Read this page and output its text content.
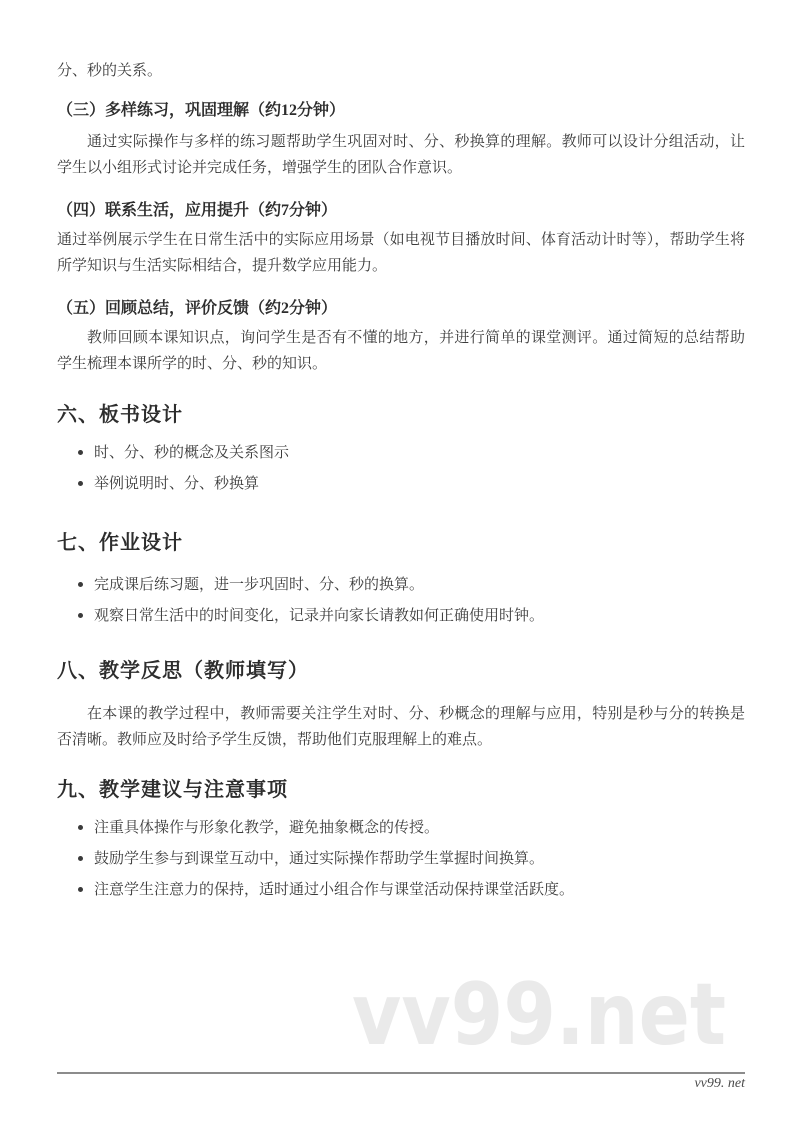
分、秒的关系。

（三）多样练习，巩固理解（约12分钟）

通过实际操作与多样的练习题帮助学生巩固对时、分、秒换算的理解。教师可以设计分组活动，让学生以小组形式讨论并完成任务，增强学生的团队合作意识。

（四）联系生活，应用提升（约7分钟）

通过举例展示学生在日常生活中的实际应用场景（如电视节目播放时间、体育活动计时等），帮助学生将所学知识与生活实际相结合，提升数学应用能力。

（五）回顾总结，评价反馈（约2分钟）

教师回顾本课知识点，询问学生是否有不懂的地方，并进行简单的课堂测评。通过简短的总结帮助学生梳理本课所学的时、分、秒的知识。

六、板书设计
时、分、秒的概念及关系图示
举例说明时、分、秒换算
七、作业设计
完成课后练习题，进一步巩固时、分、秒的换算。
观察日常生活中的时间变化，记录并向家长请教如何正确使用时钟。
八、教学反思（教师填写）

在本课的教学过程中，教师需要关注学生对时、分、秒概念的理解与应用，特别是秒与分的转换是否清晰。教师应及时给予学生反馈，帮助他们克服理解上的难点。

九、教学建议与注意事项
注重具体操作与形象化教学，避免抽象概念的传授。
鼓励学生参与到课堂互动中，通过实际操作帮助学生掌握时间换算。
注意学生注意力的保持，适时通过小组合作与课堂活动保持课堂活跃度。
vv99.net
vv99. net
